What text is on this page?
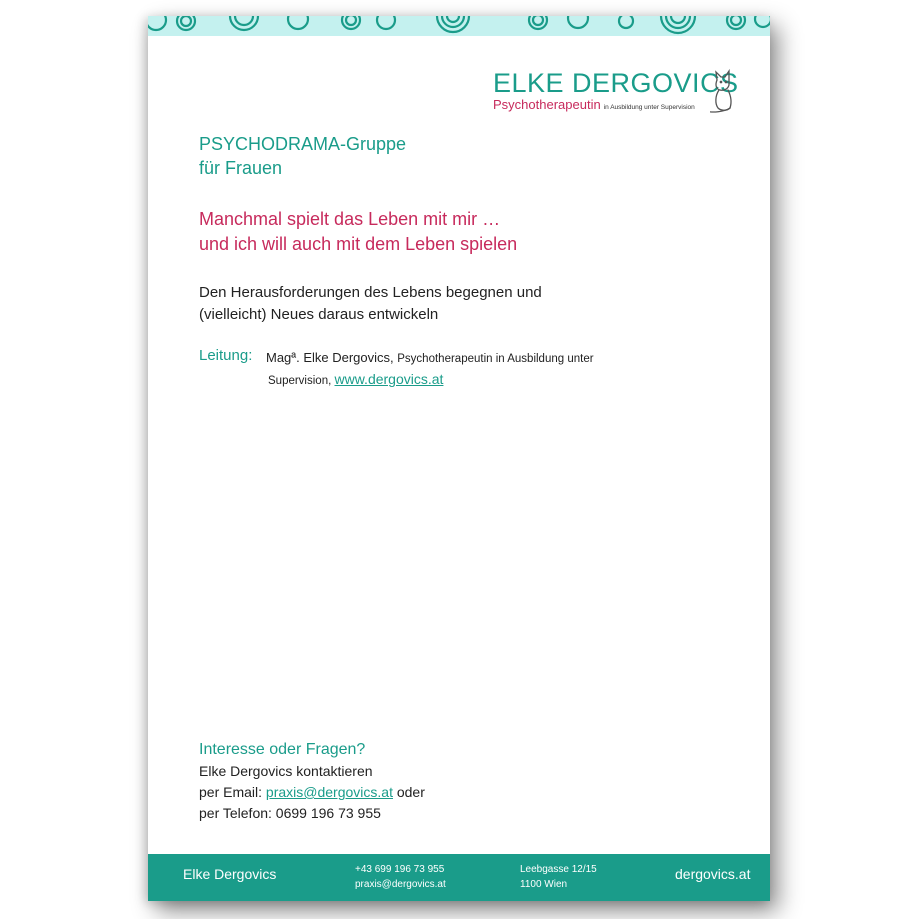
ELKE DERGOVICS
Psychotherapeutin in Ausbildung unter Supervision
PSYCHODRAMA-Gruppe
für Frauen
Manchmal spielt das Leben mit mir …
und ich will auch mit dem Leben spielen
Den Herausforderungen des Lebens begegnen und
(vielleicht) Neues daraus entwickeln
Leitung: Magª. Elke Dergovics, Psychotherapeutin in Ausbildung unter
Supervision, www.dergovics.at
Interesse oder Fragen?
Elke Dergovics kontaktieren
per Email: praxis@dergovics.at oder
per Telefon: 0699 196 73 955
Elke Dergovics	+43 699 196 73 955
praxis@dergovics.at
Leebgasse 12/15
1100 Wien
dergovics.at
